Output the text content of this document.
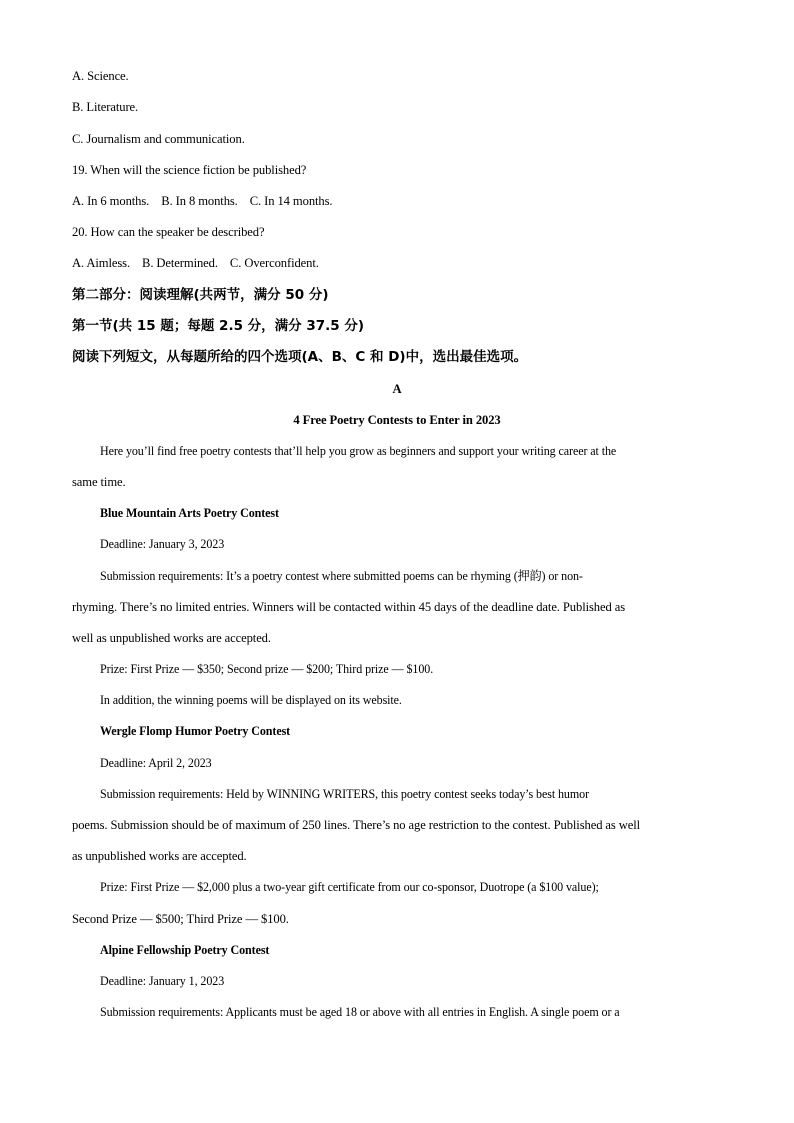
A. Science.
B. Literature.
C. Journalism and communication.
19. When will the science fiction be published?
A. In 6 months. B. In 8 months. C. In 14 months.
20. How can the speaker be described?
A. Aimless. B. Determined. C. Overconfident.
第二部分：阅读理解(共两节，满分 50 分)
第一节(共 15 题；每题 2.5 分，满分 37.5 分)
阅读下列短文，从每题所给的四个选项(A、B、C 和 D)中，选出最佳选项。
A
4 Free Poetry Contests to Enter in 2023
Here you’ll find free poetry contests that’ll help you grow as beginners and support your writing career at the
same time.
Blue Mountain Arts Poetry Contest
Deadline: January 3, 2023
Submission requirements: It’s a poetry contest where submitted poems can be rhyming (押韵) or non-
rhyming. There’s no limited entries. Winners will be contacted within 45 days of the deadline date. Published as
well as unpublished works are accepted.
Prize: First Prize — $350; Second prize — $200; Third prize — $100.
In addition, the winning poems will be displayed on its website.
Wergle Flomp Humor Poetry Contest
Deadline: April 2, 2023
Submission requirements: Held by WINNING WRITERS, this poetry contest seeks today’s best humor
poems. Submission should be of maximum of 250 lines. There’s no age restriction to the contest. Published as well
as unpublished works are accepted.
Prize: First Prize — $2,000 plus a two-year gift certificate from our co-sponsor, Duotrope (a $100 value);
Second Prize — $500; Third Prize — $100.
Alpine Fellowship Poetry Contest
Deadline: January 1, 2023
Submission requirements: Applicants must be aged 18 or above with all entries in English. A single poem or a
